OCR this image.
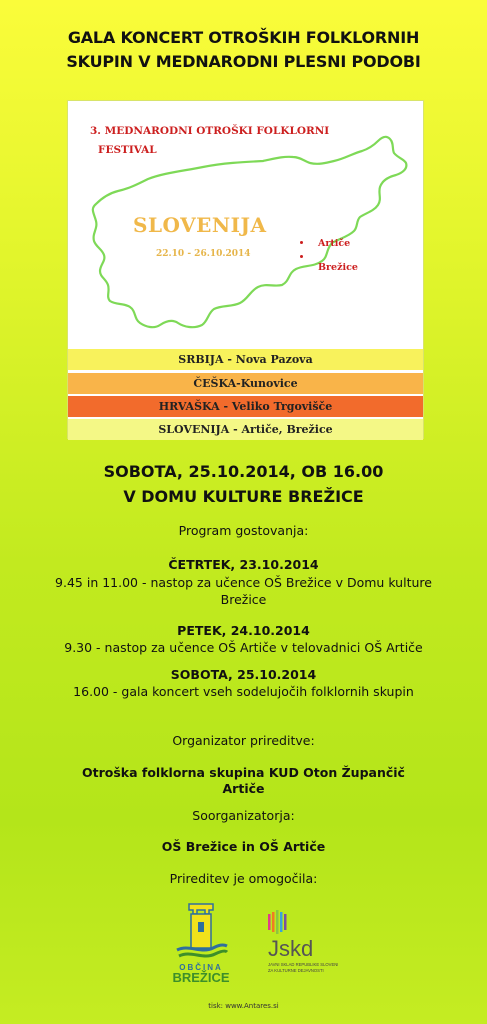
GALA KONCERT OTROŠKIH FOLKLORNIH
SKUPIN V MEDNARODNI PLESNI PODOBI
3. MEDNARODNI OTROŠKI FOLKLORNI
FESTIVAL
SLOVENIJA
22.10 - 26.10.2014
Artiče
Brežice
SRBIJA - Nova Pazova
ČEŠKA-Kunovice
HRVAŠKA - Veliko Trgovišče
SLOVENIJA - Artiče, Brežice
SOBOTA, 25.10.2014, OB 16.00
V DOMU KULTURE BREŽICE
Program gostovanja:
ČETRTEK, 23.10.2014
9.45 in 11.00 - nastop za učence OŠ Brežice v Domu kulture
Brežice
PETEK, 24.10.2014
9.30 - nastop za učence OŠ Artiče v telovadnici OŠ Artiče
SOBOTA, 25.10.2014
16.00 - gala koncert vseh sodelujočih folklornih skupin
Organizator prireditve:
Otroška folklorna skupina KUD Oton Župančič
Artiče
Soorganizatorja:
OŠ Brežice in OŠ Artiče
Prireditev je omogočila:
OBČINA
BREŽICE
Jskd
JAVNI SKLAD REPUBLIKE SLOVENIJE
ZA KULTURNE DEJAVNOSTI
tisk: www.Antares.si
